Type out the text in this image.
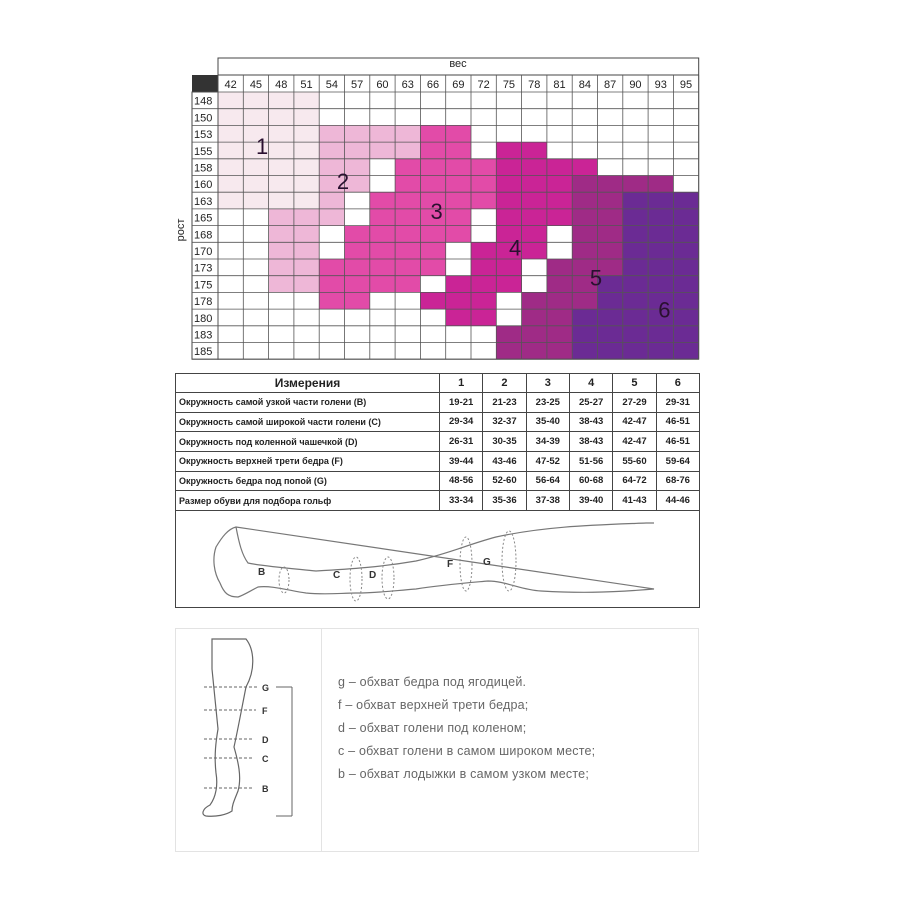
42 45 48 51 54 57 60 63 66 69 72 75 78 81 84 87 90 93 95
148
150
153
155
158
160
163
165
168
170
173
175
178
180
183
185
вес
рост
1
2
3
4
5
6
Измерения	1	2	3	4	5	6
Окружность самой узкой части голени (B)	19-21	21-23	23-25	25-27	27-29	29-31
Окружность самой широкой части голени (C)	29-34	32-37	35-40	38-43	42-47	46-51
Окружность под коленной чашечкой (D)	26-31	30-35	34-39	38-43	42-47	46-51
Окружность верхней трети бедра (F)	39-44	43-46	47-52	51-56	55-60	59-64
Окружность бедра под попой (G)	48-56	52-60	56-64	60-68	64-72	68-76
Размер обуви для подбора гольф	33-34	35-36	37-38	39-40	41-43	44-46
B	C	D
F	G
G
F
D
C
B
g – обхват бедра под ягодицей.
f – обхват верхней трети бедра;
d – обхват голени под коленом;
c – обхват голени в самом широком месте;
b – обхват лодыжки в самом узком месте;
